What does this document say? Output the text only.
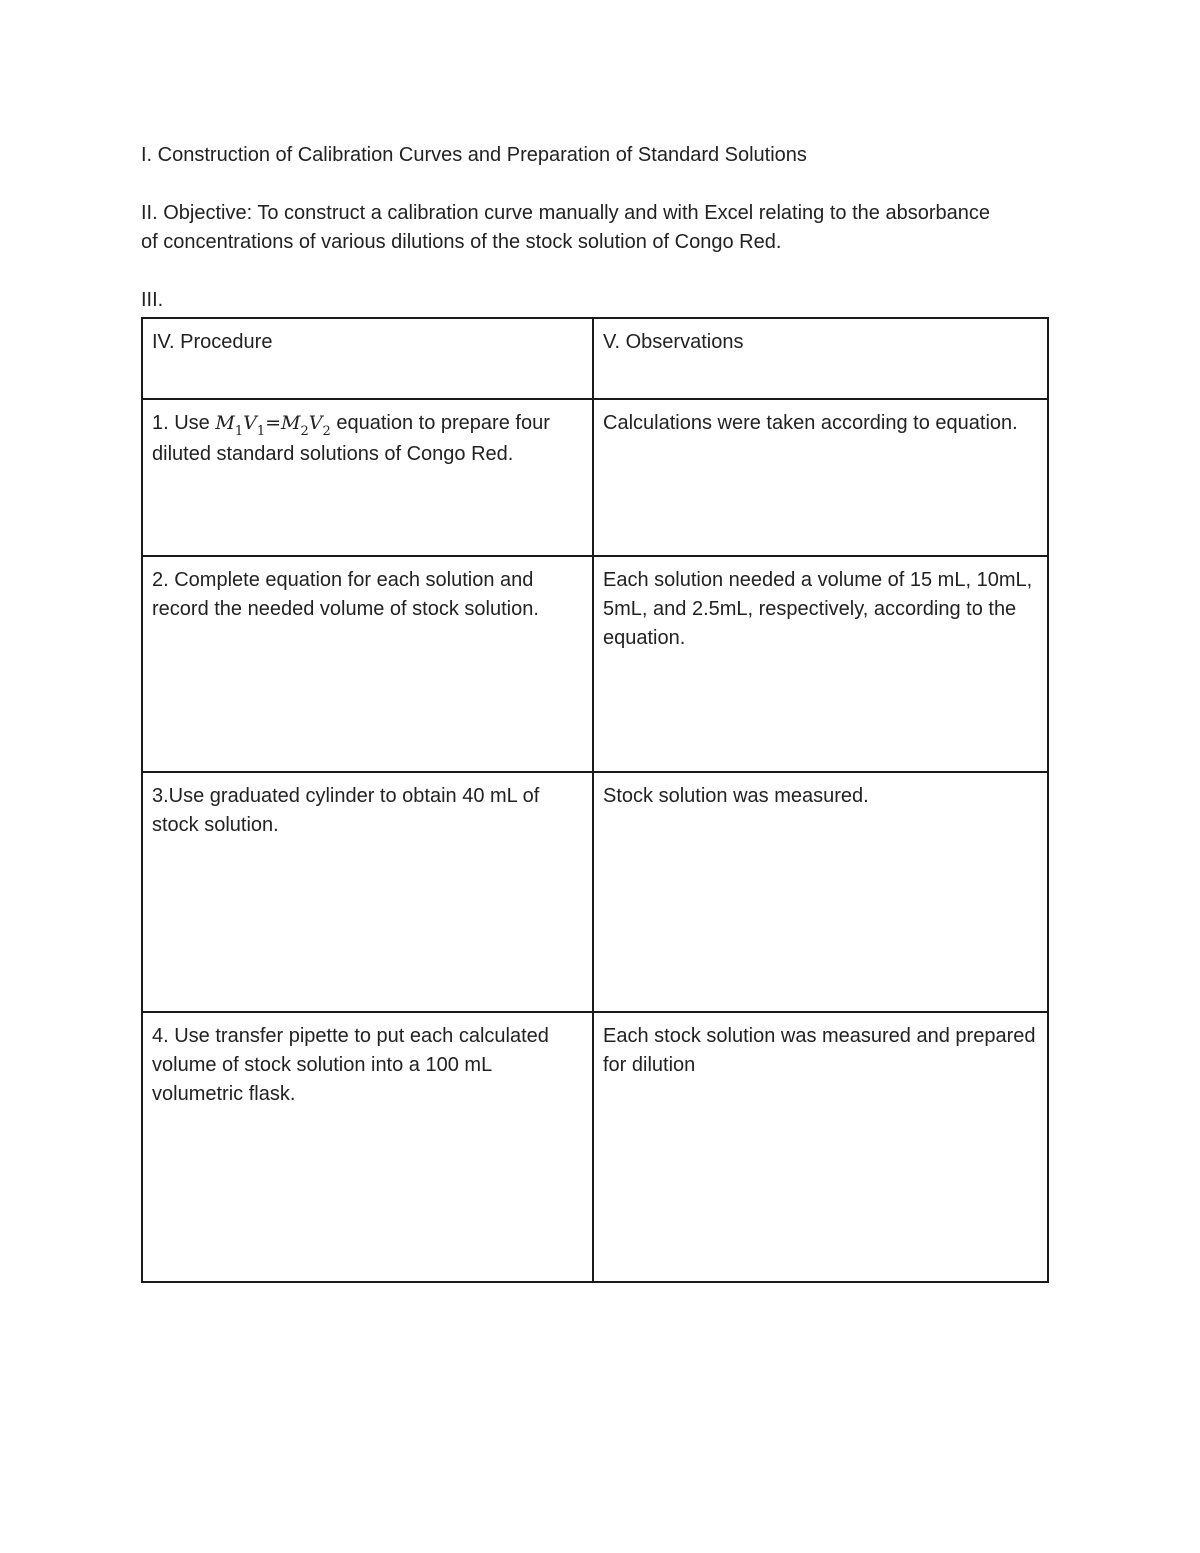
I. Construction of Calibration Curves and Preparation of Standard Solutions

II. Objective: To construct a calibration curve manually and with Excel relating to the absorbance
of concentrations of various dilutions of the stock solution of Congo Red.

III.

IV. Procedure	V. Observations
1. Use $M_1V_1=M_2V_2$ equation to prepare four diluted standard solutions of Congo Red.	Calculations were taken according to equation.
2. Complete equation for each solution and record the needed volume of stock solution.	Each solution needed a volume of 15 mL, 10mL, 5mL, and 2.5mL, respectively, according to the equation.
3.Use graduated cylinder to obtain 40 mL of stock solution.	Stock solution was measured.
4. Use transfer pipette to put each calculated volume of stock solution into a 100 mL volumetric flask.	Each stock solution was measured and prepared for dilution
